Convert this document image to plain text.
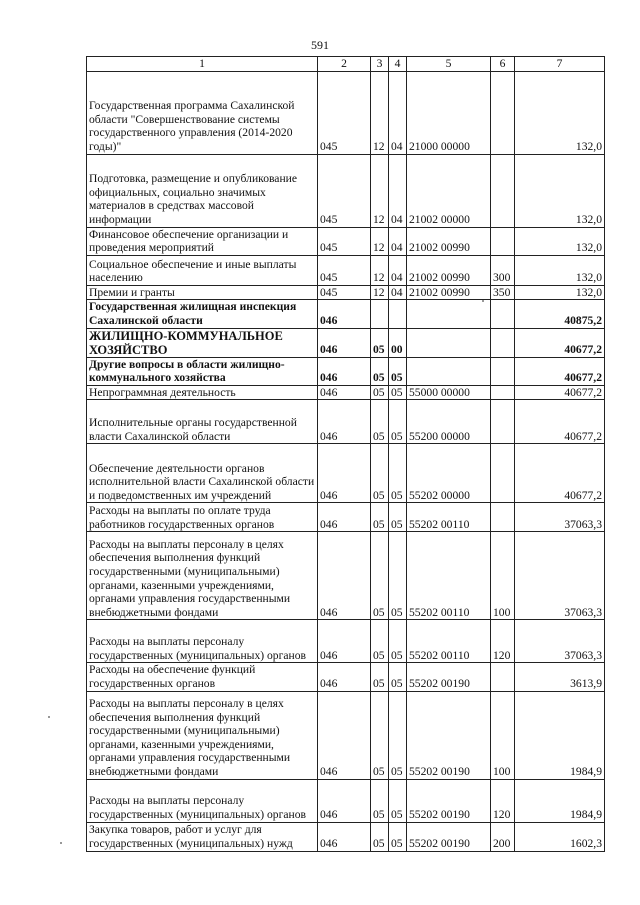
591
1	2	3	4	5	6	7
Государственная программа Сахалинской области "Совершенствование системы государственного управления (2014-2020 годы)"	045	12	04	21000 00000		132,0
Подготовка, размещение и опубликование официальных, социально значимых материалов в средствах массовой информации	045	12	04	21002 00000		132,0
Финансовое обеспечение организации и проведения мероприятий	045	12	04	21002 00990		132,0
Социальное обеспечение и иные выплаты населению	045	12	04	21002 00990	300	132,0
Премии и гранты	045	12	04	21002 00990	350	132,0
Государственная жилищная инспекция Сахалинской области	046					40875,2
ЖИЛИЩНО-КОММУНАЛЬНОЕ ХОЗЯЙСТВО	046	05	00			40677,2
Другие вопросы в области жилищно-коммунального хозяйства	046	05	05			40677,2
Непрограммная деятельность	046	05	05	55000 00000		40677,2
Исполнительные органы государственной власти Сахалинской области	046	05	05	55200 00000		40677,2
Обеспечение деятельности органов исполнительной власти Сахалинской области и подведомственных им учреждений	046	05	05	55202 00000		40677,2
Расходы на выплаты по оплате труда работников государственных органов	046	05	05	55202 00110		37063,3
Расходы на выплаты персоналу в целях обеспечения выполнения функций государственными (муниципальными) органами, казенными учреждениями, органами управления государственными внебюджетными фондами	046	05	05	55202 00110	100	37063,3
Расходы на выплаты персоналу государственных (муниципальных) органов	046	05	05	55202 00110	120	37063,3
Расходы на обеспечение функций государственных органов	046	05	05	55202 00190		3613,9
Расходы на выплаты персоналу в целях обеспечения выполнения функций государственными (муниципальными) органами, казенными учреждениями, органами управления государственными внебюджетными фондами	046	05	05	55202 00190	100	1984,9
Расходы на выплаты персоналу государственных (муниципальных) органов	046	05	05	55202 00190	120	1984,9
Закупка товаров, работ и услуг для государственных (муниципальных) нужд	046	05	05	55202 00190	200	1602,3
